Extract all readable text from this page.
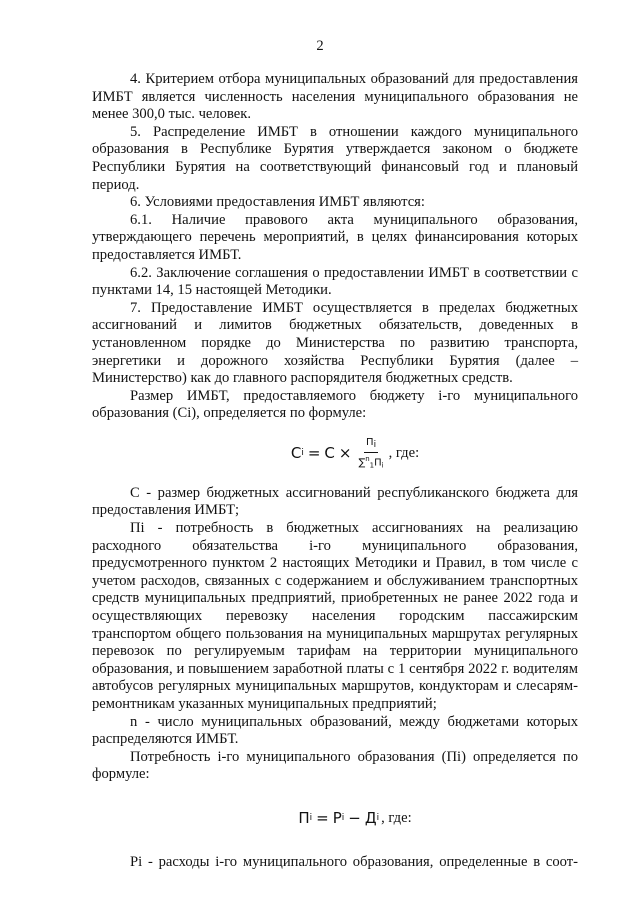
2

4. Критерием отбора муниципальных образований для предоставления ИМБТ является численность населения муниципального образования не менее 300,0 тыс. человек.

5. Распределение ИМБТ в отношении каждого муниципального образования в Республике Бурятия утверждается законом о бюджете Республики Бурятия на соответствующий финансовый год и плановый период.

6. Условиями предоставления ИМБТ являются:

6.1. Наличие правового акта муниципального образования, утверждающего перечень мероприятий, в целях финансирования которых предоставляется ИМБТ.

6.2. Заключение соглашения о предоставлении ИМБТ в соответствии с пунктами 14, 15 настоящей Методики.

7. Предоставление ИМБТ осуществляется в пределах бюджетных ассигнований и лимитов бюджетных обязательств, доведенных в установленном порядке до Министерства по развитию транспорта, энергетики и дорожного хозяйства Республики Бурятия (далее – Министерство) как до главного распорядителя бюджетных средств.

Размер ИМБТ, предоставляемого бюджету i-го муниципального образования (Ci), определяется по формуле:

C $i = C \times \frac{П_i}{\sum^n_1П_i}$ , где:

C - размер бюджетных ассигнований республиканского бюджета для предоставления ИМБТ;

Пi - потребность в бюджетных ассигнованиях на реализацию расходного обязательства i-го муниципального образования, предусмотренного пунктом 2 настоящих Методики и Правил, в том числе с учетом расходов, связанных с содержанием и обслуживанием транспортных средств муниципальных предприятий, приобретенных не ранее 2022 года и осуществляющих перевозку населения городским пассажирским транспортом общего пользования на муниципальных маршрутах регулярных перевозок по регулируемым тарифам на территории муниципального образования, и повышением заработной платы с 1 сентября 2022 г. водителям автобусов регулярных муниципальных маршрутов, кондукторам и слесарям-ремонтникам указанных муниципальных предприятий;

n - число муниципальных образований, между бюджетами которых распределяются ИМБТ.

Потребность i-го муниципального образования (Пi) определяется по формуле:

П i = P i − Д i , где:

Pi - расходы i-го муниципального образования, определенные в соот-
